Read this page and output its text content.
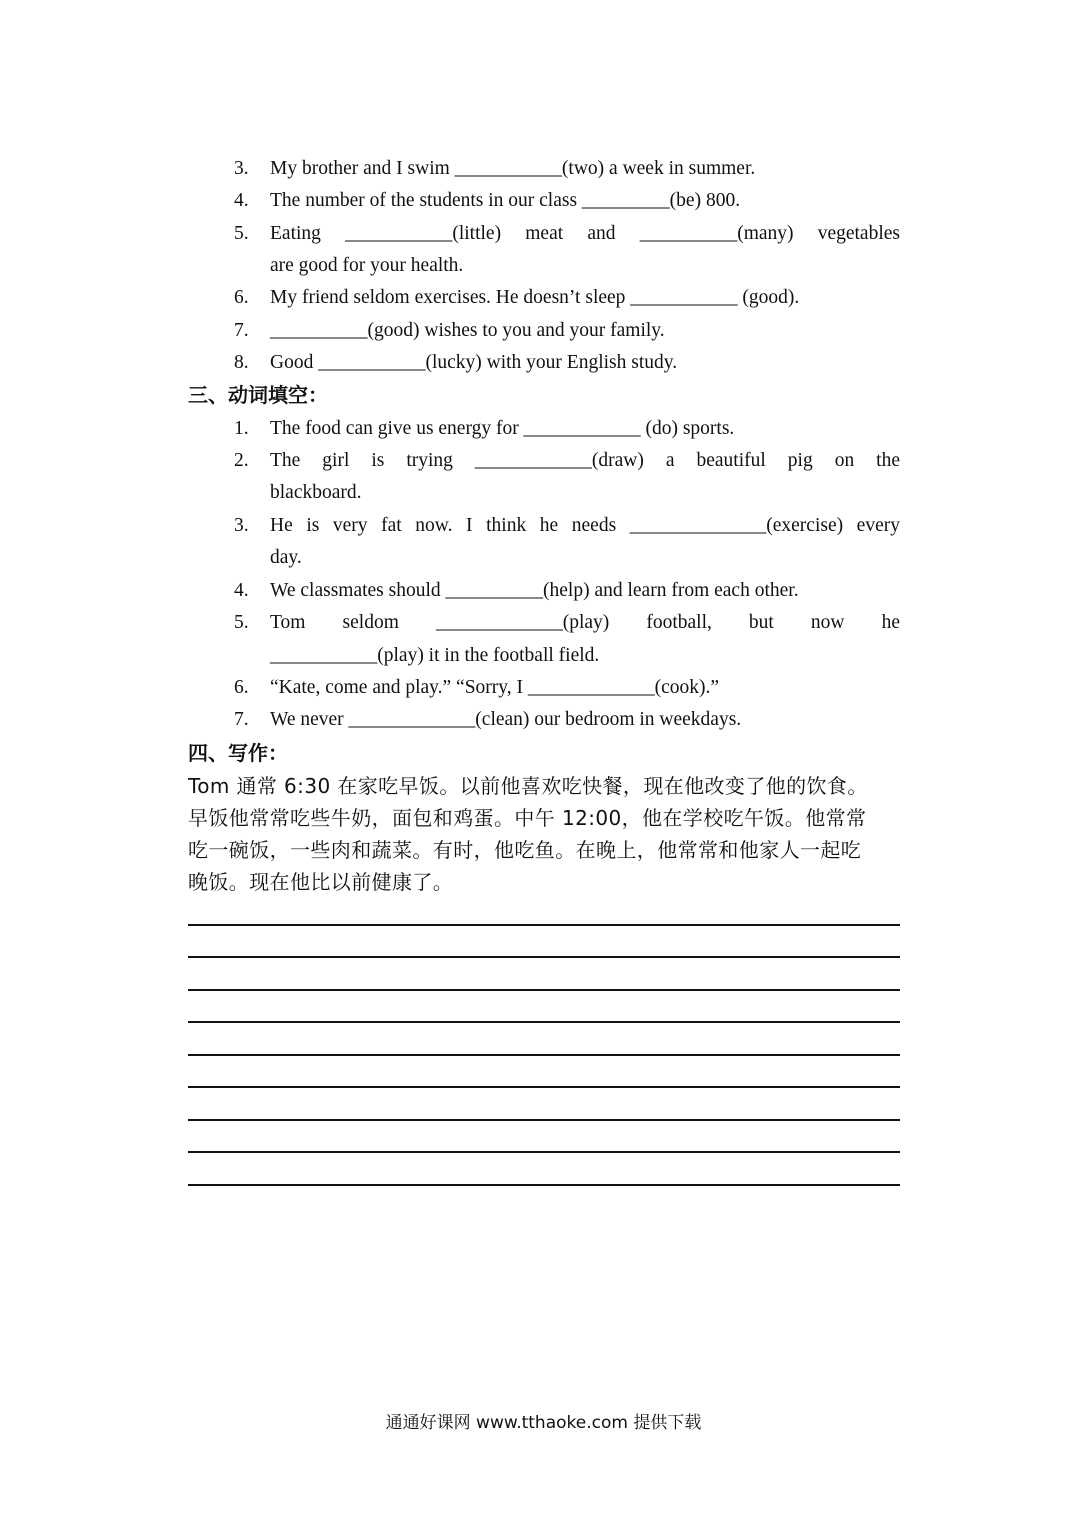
3. My brother and I swim ___________(two) a week in summer.
4. The number of the students in our class _________(be) 800.
5. Eating ___________(little) meat and __________(many) vegetables
are good for your health.
6. My friend seldom exercises. He doesn’t sleep ___________ (good).
7. __________(good) wishes to you and your family.
8. Good ___________(lucky) with your English study.
三、动词填空：
1. The food can give us energy for ____________ (do) sports.
2. The girl is trying ____________(draw) a beautiful pig on the
blackboard.
3. He is very fat now. I think he needs ______________(exercise) every
day.
4. We classmates should __________(help) and learn from each other.
5. Tom seldom _____________(play) football, but now he
___________(play) it in the football field.
6. “Kate, come and play.” “Sorry, I _____________(cook).”
7. We never _____________(clean) our bedroom in weekdays.
四、写作：
Tom 通常 6:30 在家吃早饭。以前他喜欢吃快餐，现在他改变了他的饮食。
早饭他常常吃些牛奶，面包和鸡蛋。中午 12:00，他在学校吃午饭。他常常
吃一碗饭，一些肉和蔬菜。有时，他吃鱼。在晚上，他常常和他家人一起吃
晚饭。现在他比以前健康了。
通通好课网 www.tthaoke.com 提供下载
